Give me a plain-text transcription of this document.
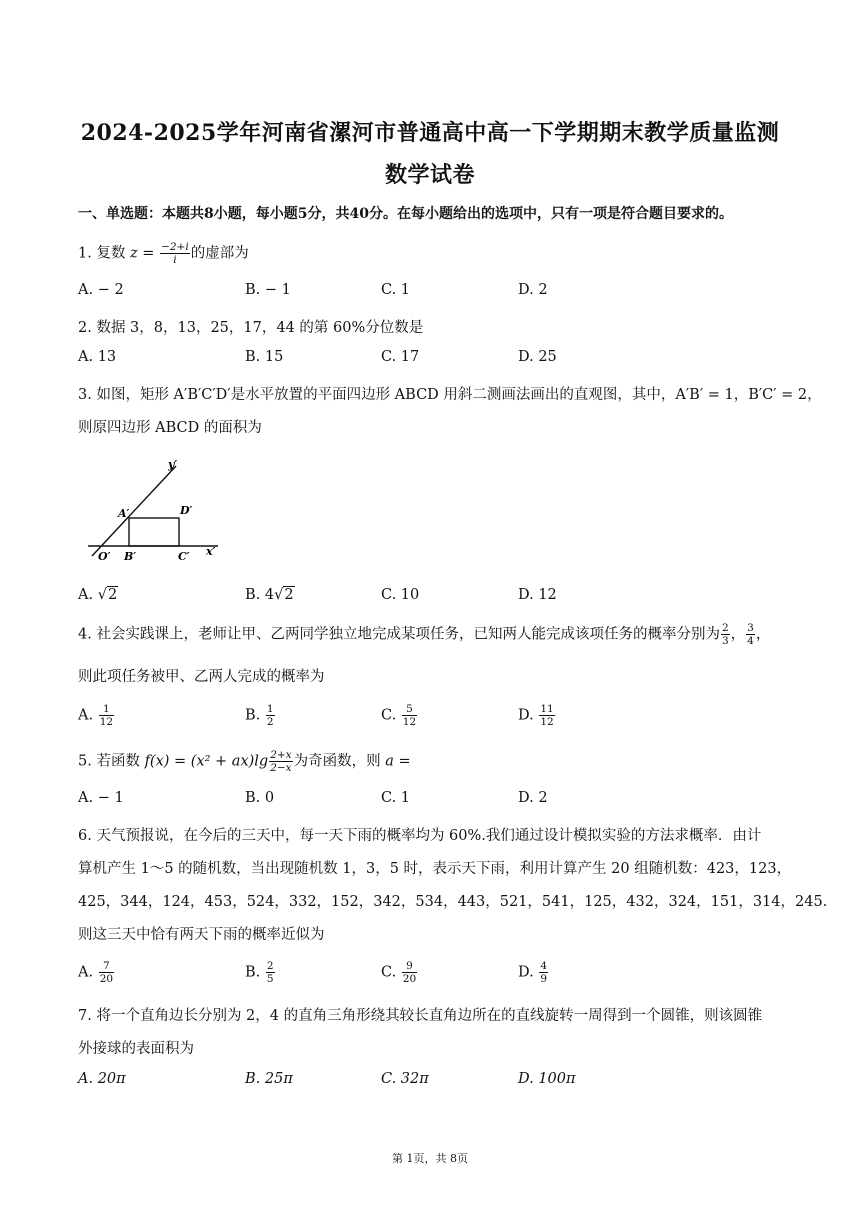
2024-2025学年河南省漯河市普通高中高一下学期期末教学质量监测
数学试卷
一、单选题：本题共8小题，每小题5分，共40分。在每小题给出的选项中，只有一项是符合题目要求的。
1. 复数 $z = \frac{-2+i}{i}$ 的虚部为
A. − 2	B. − 1	C. 1	D. 2
2. 数据 3，8，13，25，17，44 的第 60%分位数是
A. 13	B. 15	C. 17	D. 25
3. 如图，矩形 A′B′C′D′是水平放置的平面四边形 ABCD 用斜二测画法画出的直观图，其中，A′B′ = 1，B′C′ = 2，
则原四边形 ABCD 的面积为
y′
A′	D′
O′ B′	C′ x′
A. √2	B. 4√2	C. 10	D. 12
4. 社会实践课上，老师让甲、乙两同学独立地完成某项任务，已知两人能完成该项任务的概率分别为 $\frac{2}{3}$ ， $\frac{3}{4}$ ，
则此项任务被甲、乙两人完成的概率为
A. $\frac{1}{12}$	B. $\frac{1}{2}$	C. $\frac{5}{12}$	D. $\frac{11}{12}$
5. 若函数 $f(x) = (x^2 + ax)\lg \frac{2+x}{2-x}$ 为奇函数，则 a =
A. − 1	B. 0	C. 1	D. 2
6. 天气预报说，在今后的三天中，每一天下雨的概率均为 60%.我们通过设计模拟实验的方法求概率．由计
算机产生 1～5 的随机数，当出现随机数 1，3，5 时，表示天下雨，利用计算产生 20 组随机数：423，123，
425，344，124，453，524，332，152，342，534，443，521，541，125，432，324，151，314，245.
则这三天中恰有两天下雨的概率近似为
A. $\frac{7}{20}$	B. $\frac{2}{5}$	C. $\frac{9}{20}$	D. $\frac{4}{9}$
7. 将一个直角边长分别为 2，4 的直角三角形绕其较长直角边所在的直线旋转一周得到一个圆锥，则该圆锥
外接球的表面积为
A. 20π	B. 25π	C. 32π	D. 100π
第 1页，共 8页
